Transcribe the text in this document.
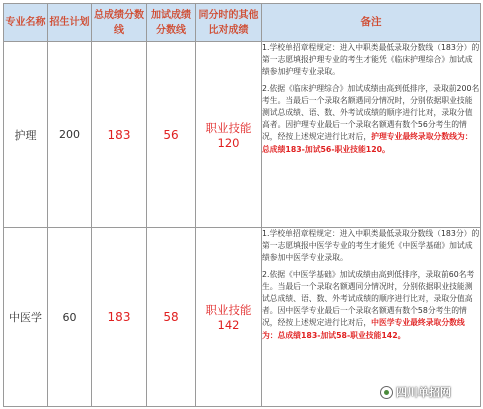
专业名称	招生计划	总成绩分数线	加试成绩分数线	同分时的其他比对成绩	备注
护理	200	183	56	职业技能120	1.学校单招章程规定：进入中职类最低录取分数线（183分）的第一志愿填报护理专业的考生才能凭《临床护理综合》加试成绩参加护理专业录取。

2.依据《临床护理综合》加试成绩由高到低排序，录取前200名考生。当最后一个录取名额遇同分情况时，分别依据职业技能测试总成绩、语、数、外考试成绩的顺序进行比对，录取分值高者。因护理专业最后一个录取名额遇有数个56分考生的情况，经按上述规定进行比对后，护理专业最终录取分数线为：总成绩183-加试56-职业技能120。

中医学	60	183	58	职业技能142	1.学校单招章程规定：进入中职类最低录取分数线（183分）的第一志愿填报中医学专业的考生才能凭《中医学基础》加试成绩参加中医学专业录取。

2.依据《中医学基础》加试成绩由高到低排序，录取前60名考生。当最后一个录取名额遇同分情况时，分别依据职业技能测试总成绩、语、数、外考试成绩的顺序进行比对，录取分值高者。因中医学专业最后一个录取名额遇有数个58分考生的情况，经按上述规定进行比对后，中医学专业最终录取分数线为：总成绩183-加试58-职业技能142。

四川单招网
